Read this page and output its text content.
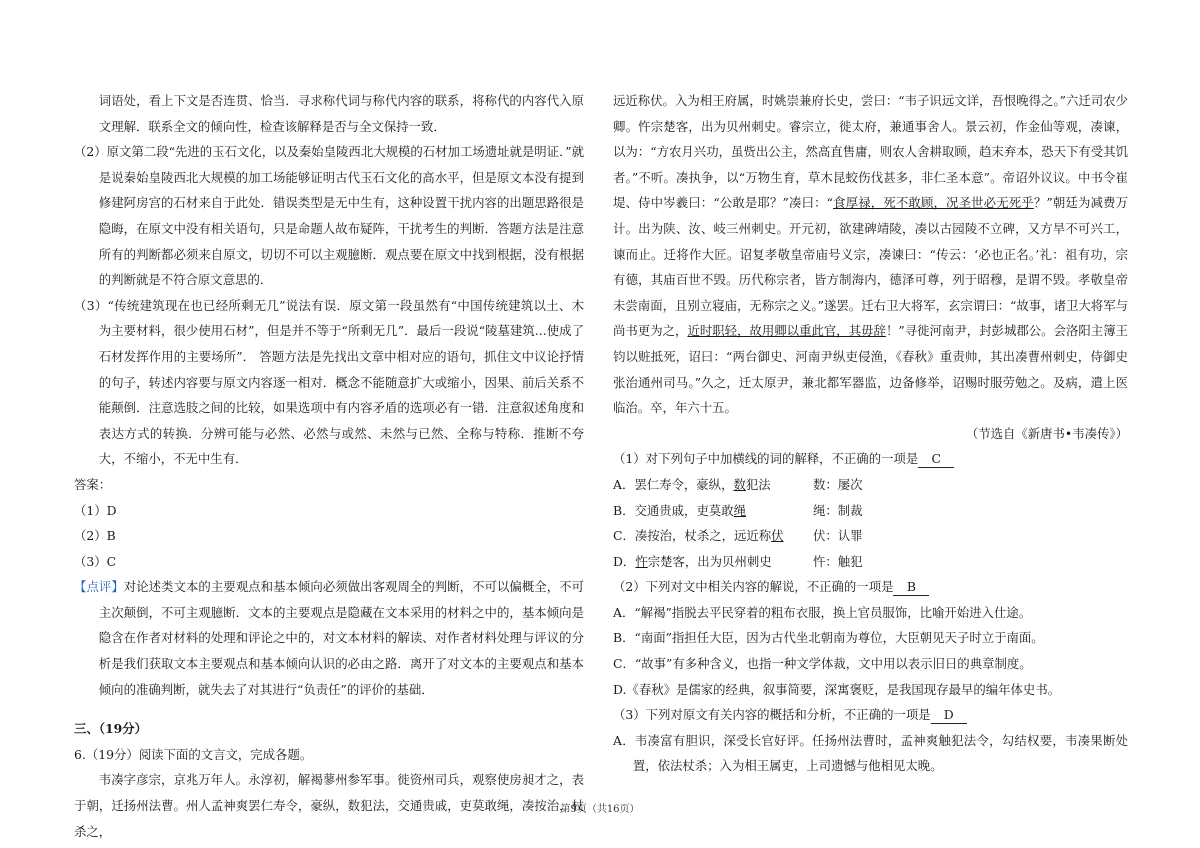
词语处，看上下文是否连贯、恰当．寻求称代词与称代内容的联系，将称代的内容代入原文理解．联系全文的倾向性，检查该解释是否与全文保持一致．

（2）原文第二段“先进的玉石文化，以及秦始皇陵西北大规模的石材加工场遗址就是明证．”就是说秦始皇陵西北大规模的加工场能够证明古代玉石文化的高水平，但是原文本没有提到修建阿房宫的石材来自于此处．错误类型是无中生有，这种设置干扰内容的出题思路很是隐晦，在原文中没有相关语句，只是命题人故布疑阵，干扰考生的判断．答题方法是注意所有的判断都必须来自原文，切切不可以主观臆断．观点要在原文中找到根据，没有根据的判断就是不符合原文意思的．

（3）“传统建筑现在也已经所剩无几”说法有误．原文第一段虽然有“中国传统建筑以土、木为主要材料，很少使用石材”，但是并不等于“所剩无几”．最后一段说“陵墓建筑...使成了石材发挥作用的主要场所”． 答题方法是先找出文章中相对应的语句，抓住文中议论抒情的句子，转述内容要与原文内容逐一相对．概念不能随意扩大或缩小，因果、前后关系不能颠倒．注意选肢之间的比较，如果选项中有内容矛盾的选项必有一错．注意叙述角度和表达方式的转换．分辨可能与必然、必然与或然、未然与已然、全称与特称．推断不夸大，不缩小，不无中生有．

答案：

（1）D

（2）B

（3）C

【点评】对论述类文本的主要观点和基本倾向必须做出客观周全的判断，不可以偏概全，不可主次颠倒，不可主观臆断．文本的主要观点是隐藏在文本采用的材料之中的，基本倾向是隐含在作者对材料的处理和评论之中的，对文本材料的解读、对作者材料处理与评议的分析是我们获取文本主要观点和基本倾向认识的必由之路．离开了对文本的主要观点和基本倾向的准确判断，就失去了对其进行“负责任”的评价的基础．

三、（19分）

6.（19分）阅读下面的文言文，完成各题。

韦凑字彦宗，京兆万年人。永淳初，解褐蓼州参军事。徙资州司兵，观察使房昶才之，表于朝，迁扬州法曹。州人孟神爽罢仁寿令，豪纵，数犯法，交通贵戚，吏莫敢绳，凑按治，杖杀之，

远近称伏。入为相王府属，时姚崇兼府长史，尝曰：“韦子识远文详，吾恨晚得之。”六迁司农少卿。忤宗楚客，出为贝州刺史。睿宗立，徙太府，兼通事舍人。景云初，作金仙等观，凑谏，以为：“方农月兴功，虽赀出公主，然高直售庸，则农人舍耕取顾，趋末弃本，恐天下有受其饥者。”不听。凑执争，以“万物生育，草木昆蛟伤伐甚多，非仁圣本意”。帝诏外议议。中书令崔堤、侍中岑羲曰：“公敢是耶？”凑曰：“食厚禄，死不敢顾，况圣世必无死乎？”朝廷为减费万计。出为陕、汝、岐三州刺史。开元初，欲建碑靖陵，凑以古园陵不立碑，又方旱不可兴工，谏而止。迁将作大匠。诏复孝敬皇帝庙号义宗，凑谏曰：“传云：‘必也正名。’礼：祖有功，宗有德，其庙百世不毁。历代称宗者，皆方制海内，德泽可尊，列于昭穆，是谓不毁。孝敬皇帝未尝南面，且别立寝庙，无称宗之义。”遂罢。迁右卫大将军，玄宗谓曰：“故事，诸卫大将军与尚书更为之，近时职轻，故用卿以重此官，其毋辞！”寻徙河南尹，封彭城郡公。会洛阳主簿王钧以赃抵死，诏曰：“两台御史、河南尹纵吏侵渔，《春秋》重责帅，其出凑曹州刺史，侍御史张治通州司马。”久之，迁太原尹，兼北都军器监，边备修举，诏赐时服劳勉之。及病，遣上医临治。卒，年六十五。

（节选自《新唐书•韦凑传》）

（1）对下列句子中加横线的词的解释，不正确的一项是 C

A．罢仁寿令，豪纵，数犯法	数：屡次
B．交通贵戚，吏莫敢绳	绳：制裁
C．凑按治，杖杀之，远近称伏	伏：认罪
D．忤宗楚客，出为贝州刺史	忤：触犯

（2）下列对文中相关内容的解说，不正确的一项是 B

A．“解褐”指脱去平民穿着的粗布衣服，换上官员服饰，比喻开始进入仕途。

B．“南面”指担任大臣，因为古代坐北朝南为尊位，大臣朝见天子时立于南面。

C．“故事”有多种含义，也指一种文学体裁，文中用以表示旧日的典章制度。

D.《春秋》是儒家的经典，叙事简要，深寓褒贬，是我国现存最早的编年体史书。

（3）下列对原文有关内容的概括和分析，不正确的一项是 D

A．韦凑富有胆识，深受长官好评。任扬州法曹时，孟神爽触犯法令，勾结权要，韦凑果断处置，依法杖杀；入为相王属吏，上司遗憾与他相见太晚。

第9页（共16页）
